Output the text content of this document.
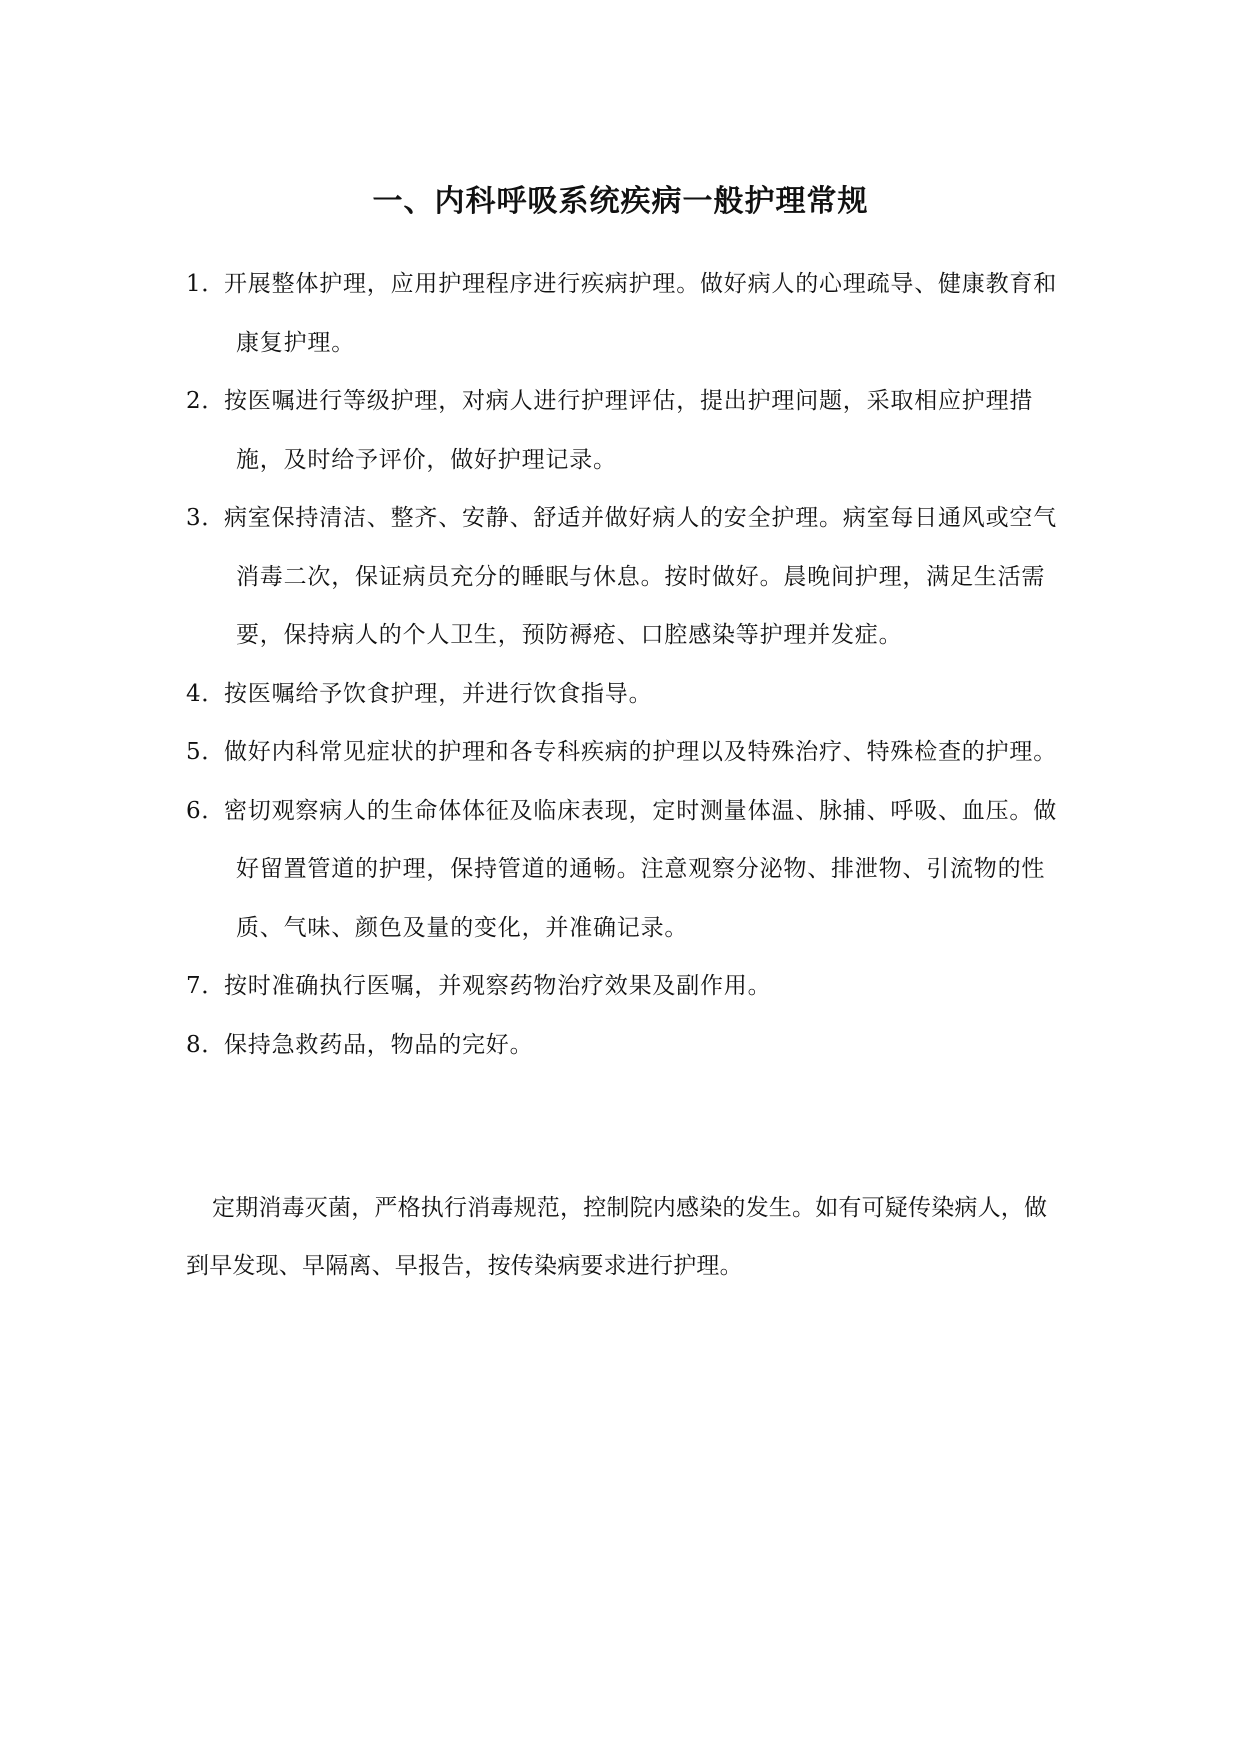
一、内科呼吸系统疾病一般护理常规
1．
开展整体护理，应用护理程序进行疾病护理。做好病人的心理疏导、健康教育和康复护理。
2．
按医嘱进行等级护理，对病人进行护理评估，提出护理问题，采取相应护理措施，及时给予评价，做好护理记录。
3．
病室保持清洁、整齐、安静、舒适并做好病人的安全护理。病室每日通风或空气消毒二次，保证病员充分的睡眠与休息。按时做好。晨晚间护理，满足生活需要，保持病人的个人卫生，预防褥疮、口腔感染等护理并发症。
4．
按医嘱给予饮食护理，并进行饮食指导。
5．
做好内科常见症状的护理和各专科疾病的护理以及特殊治疗、特殊检查的护理。
6．
密切观察病人的生命体体征及临床表现，定时测量体温、脉捕、呼吸、血压。做好留置管道的护理，保持管道的通畅。注意观察分泌物、排泄物、引流物的性质、气味、颜色及量的变化，并准确记录。
7．
按时准确执行医嘱，并观察药物治疗效果及副作用。
8．
保持急救药品，物品的完好。

定期消毒灭菌，严格执行消毒规范，控制院内感染的发生。如有可疑传染病人，做到早发现、早隔离、早报告，按传染病要求进行护理。
